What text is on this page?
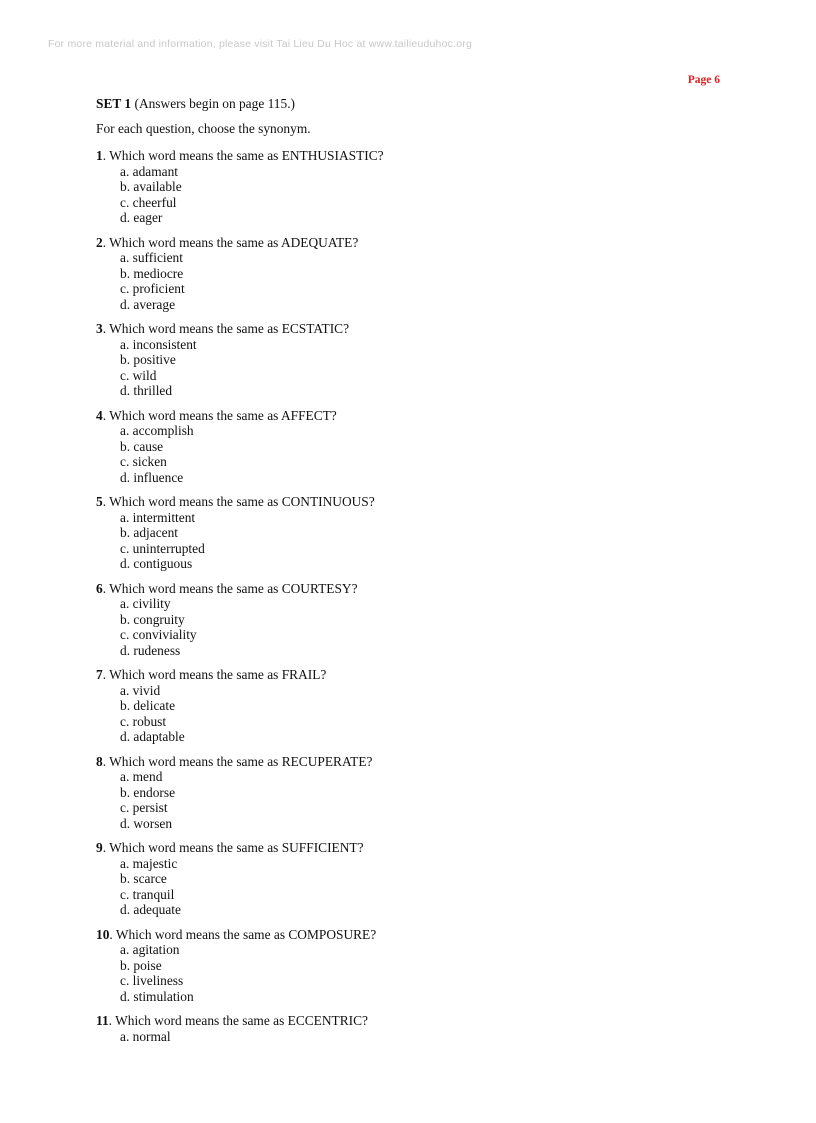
For more material and information, please visit Tai Lieu Du Hoc at www.tailieuduhoc.org
Page 6

SET 1 (Answers begin on page 115.)

For each question, choose the synonym.

1. Which word means the same as ENTHUSIASTIC?
a. adamant
b. available
c. cheerful
d. eager
2. Which word means the same as ADEQUATE?
a. sufficient
b. mediocre
c. proficient
d. average
3. Which word means the same as ECSTATIC?
a. inconsistent
b. positive
c. wild
d. thrilled
4. Which word means the same as AFFECT?
a. accomplish
b. cause
c. sicken
d. influence
5. Which word means the same as CONTINUOUS?
a. intermittent
b. adjacent
c. uninterrupted
d. contiguous
6. Which word means the same as COURTESY?
a. civility
b. congruity
c. conviviality
d. rudeness
7. Which word means the same as FRAIL?
a. vivid
b. delicate
c. robust
d. adaptable
8. Which word means the same as RECUPERATE?
a. mend
b. endorse
c. persist
d. worsen
9. Which word means the same as SUFFICIENT?
a. majestic
b. scarce
c. tranquil
d. adequate
10. Which word means the same as COMPOSURE?
a. agitation
b. poise
c. liveliness
d. stimulation
11. Which word means the same as ECCENTRIC?
a. normal
